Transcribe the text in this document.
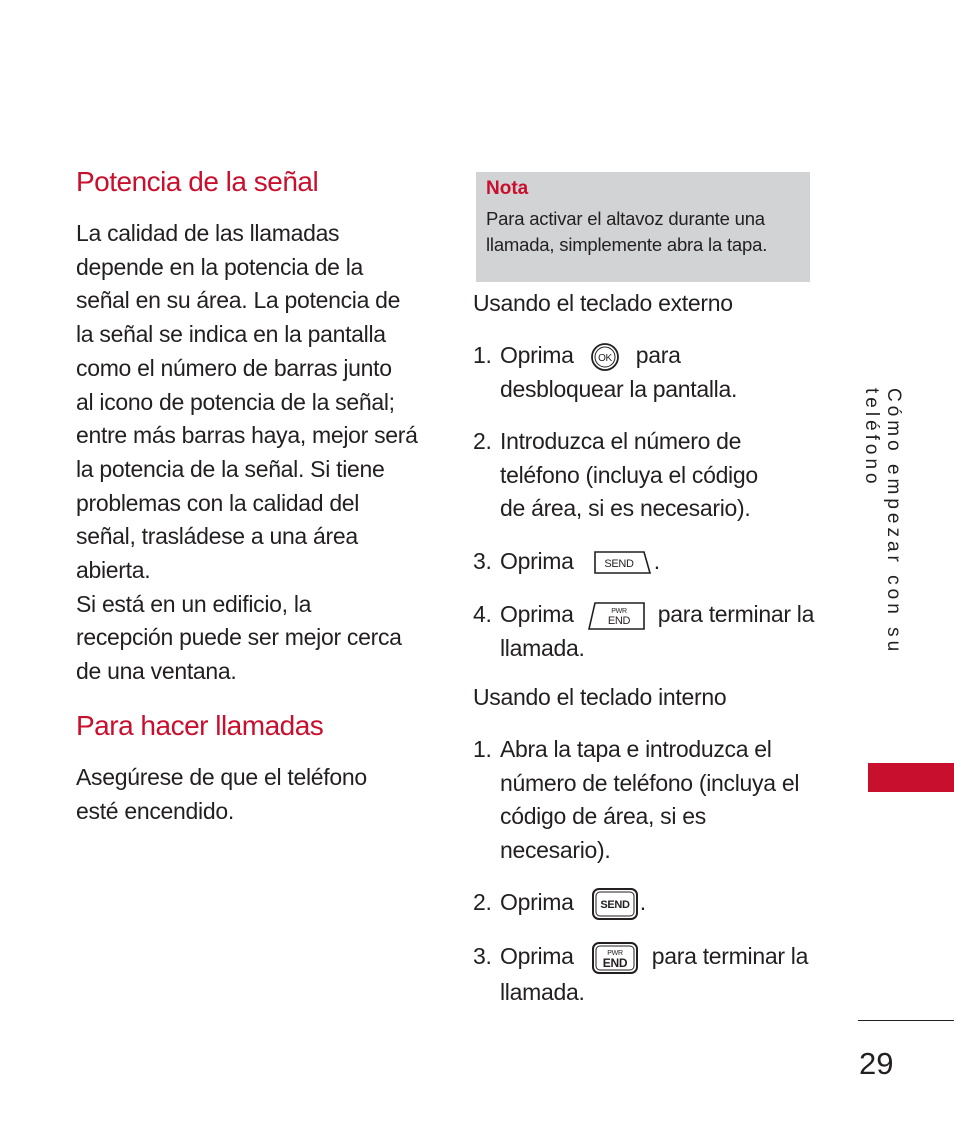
Potencia de la señal
La calidad de las llamadas
depende en la potencia de la
señal en su área. La potencia de
la señal se indica en la pantalla
como el número de barras junto
al icono de potencia de la señal;
entre más barras haya, mejor será
la potencia de la señal. Si tiene
problemas con la calidad del
señal, trasládese a una área
abierta.
Si está en un edificio, la
recepción puede ser mejor cerca
de una ventana.
Para hacer llamadas
Asegúrese de que el teléfono
esté encendido.

Nota

Para activar el altavoz durante una
llamada, simplemente abra la tapa.

Usando el teclado externo
1. Oprima OK para
desbloquear la pantalla.
2. Introduzca el número de
teléfono (incluya el código
de área, si es necesario).
3. Oprima	SEND .
4. Oprima	PWR
END para terminar la
llamada.
Usando el teclado interno
1. Abra la tapa e introduzca el
número de teléfono (incluya el
código de área, si es
necesario).
2. Oprima SEND .
3. Oprima	PWR
END para terminar la
llamada.
Cómo empezar con su teléfono
29
